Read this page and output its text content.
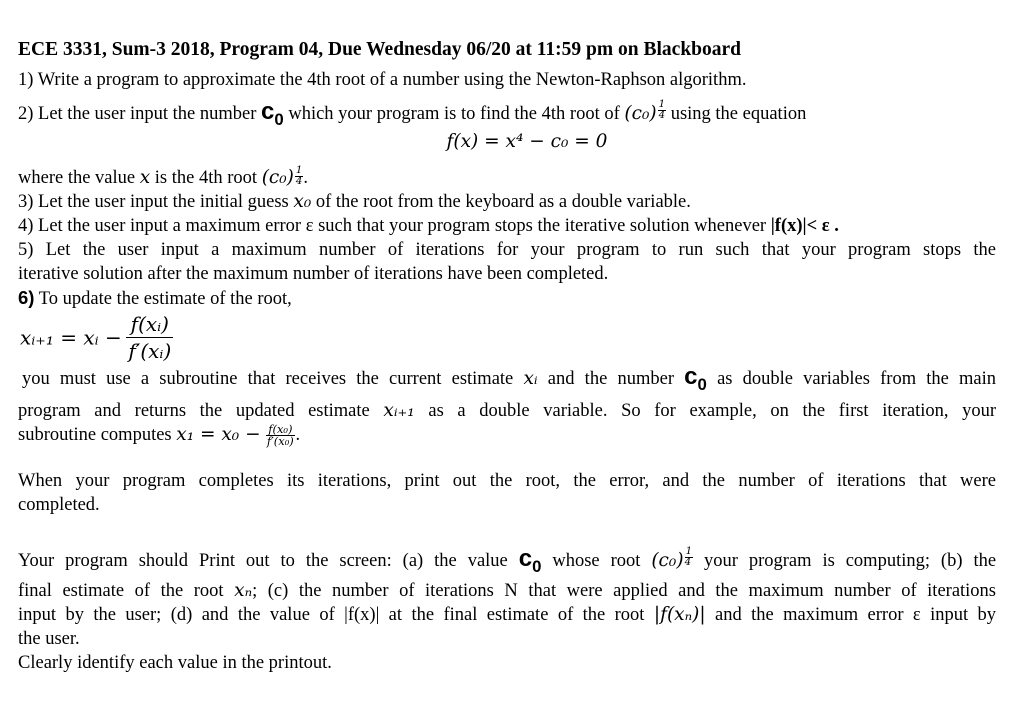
ECE 3331, Sum-3 2018, Program 04, Due Wednesday 06/20 at 11:59 pm on Blackboard
1) Write a program to approximate the 4th root of a number using the Newton-Raphson algorithm.
2) Let the user input the number $c_0$ which your program is to find the 4th root of $(c_0) \frac{1}{4}$ using the equation
f(x) = x⁴ − c₀ = 0
where the value x is the 4th root $(c_0) \frac{1}{4}$ .
3) Let the user input the initial guess x₀ of the root from the keyboard as a double variable.
4) Let the user input a maximum error ε such that your program stops the iterative solution whenever |f(x)|< ε .
5) Let the user input a maximum number of iterations for your program to run such that your program stops the
iterative solution after the maximum number of iterations have been completed.
6) To update the estimate of the root,
xᵢ₊₁ = xᵢ − $\frac{\text{f(xᵢ)}}{\text{f′(xᵢ)}}$
you must use a subroutine that receives the current estimate xᵢ and the number $c_0$ as double variables from the main
program and returns the updated estimate xᵢ₊₁ as a double variable. So for example, on the first iteration, your
subroutine computes $x_1 = x_0 - \frac{\text{f(x₀)}}{\text{f′(x₀)}}$ .
When your program completes its iterations, print out the root, the error, and the number of iterations that were
completed.
Your program should Print out to the screen: (a) the value $c_0$ whose root $(c_0) \frac{1}{4}$ your program is computing; (b) the
final estimate of the root xₙ; (c) the number of iterations N that were applied and the maximum number of iterations
input by the user; (d) and the value of |f(x)| at the final estimate of the root |f(xₙ)| and the maximum error ε input by
the user.
Clearly identify each value in the printout.
